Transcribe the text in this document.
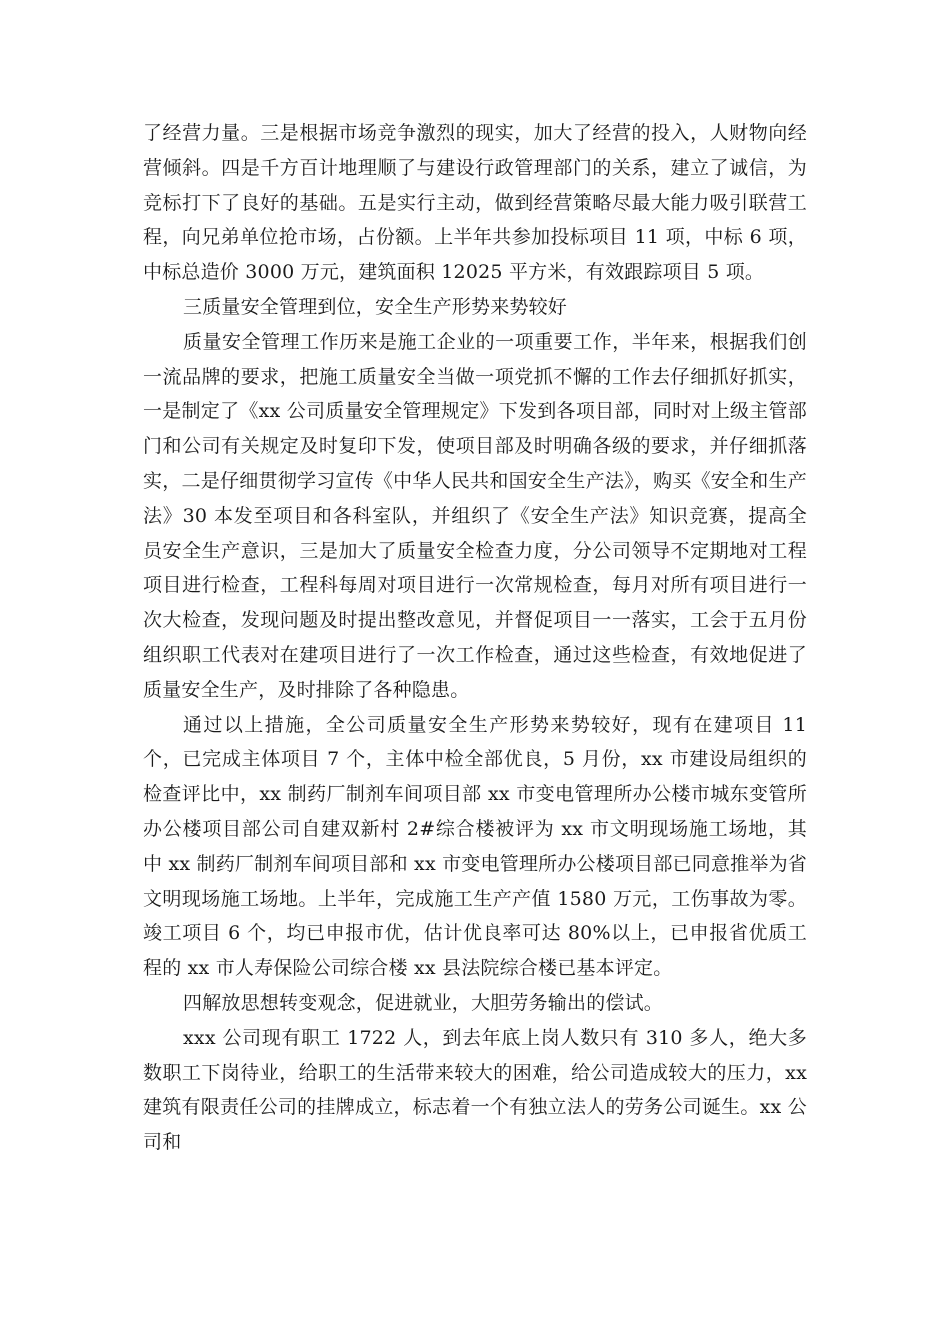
了经营力量。三是根据市场竞争激烈的现实，加大了经营的投入，人财物向经营倾斜。四是千方百计地理顺了与建设行政管理部门的关系，建立了诚信，为竞标打下了良好的基础。五是实行主动，做到经营策略尽最大能力吸引联营工程，向兄弟单位抢市场，占份额。上半年共参加投标项目 11 项，中标 6 项，中标总造价 3000 万元，建筑面积 12025 平方米，有效跟踪项目 5 项。

三质量安全管理到位，安全生产形势来势较好

质量安全管理工作历来是施工企业的一项重要工作，半年来，根据我们创一流品牌的要求，把施工质量安全当做一项党抓不懈的工作去仔细抓好抓实，一是制定了《xx 公司质量安全管理规定》下发到各项目部，同时对上级主管部门和公司有关规定及时复印下发，使项目部及时明确各级的要求，并仔细抓落实，二是仔细贯彻学习宣传《中华人民共和国安全生产法》，购买《安全和生产法》30 本发至项目和各科室队，并组织了《安全生产法》知识竞赛，提高全员安全生产意识，三是加大了质量安全检查力度，分公司领导不定期地对工程项目进行检查，工程科每周对项目进行一次常规检查，每月对所有项目进行一次大检查，发现问题及时提出整改意见，并督促项目一一落实，工会于五月份组织职工代表对在建项目进行了一次工作检查，通过这些检查，有效地促进了质量安全生产，及时排除了各种隐患。

通过以上措施，全公司质量安全生产形势来势较好，现有在建项目 11 个，已完成主体项目 7 个，主体中检全部优良，5 月份，xx 市建设局组织的检查评比中，xx 制药厂制剂车间项目部 xx 市变电管理所办公楼市城东变管所办公楼项目部公司自建双新村 2#综合楼被评为 xx 市文明现场施工场地，其中 xx 制药厂制剂车间项目部和 xx 市变电管理所办公楼项目部已同意推举为省文明现场施工场地。上半年，完成施工生产产值 1580 万元，工伤事故为零。竣工项目 6 个，均已申报市优，估计优良率可达 80%以上，已申报省优质工程的 xx 市人寿保险公司综合楼 xx 县法院综合楼已基本评定。

四解放思想转变观念，促进就业，大胆劳务输出的偿试。

xxx 公司现有职工 1722 人，到去年底上岗人数只有 310 多人，绝大多数职工下岗待业，给职工的生活带来较大的困难，给公司造成较大的压力，xx 建筑有限责任公司的挂牌成立，标志着一个有独立法人的劳务公司诞生。xx 公司和
